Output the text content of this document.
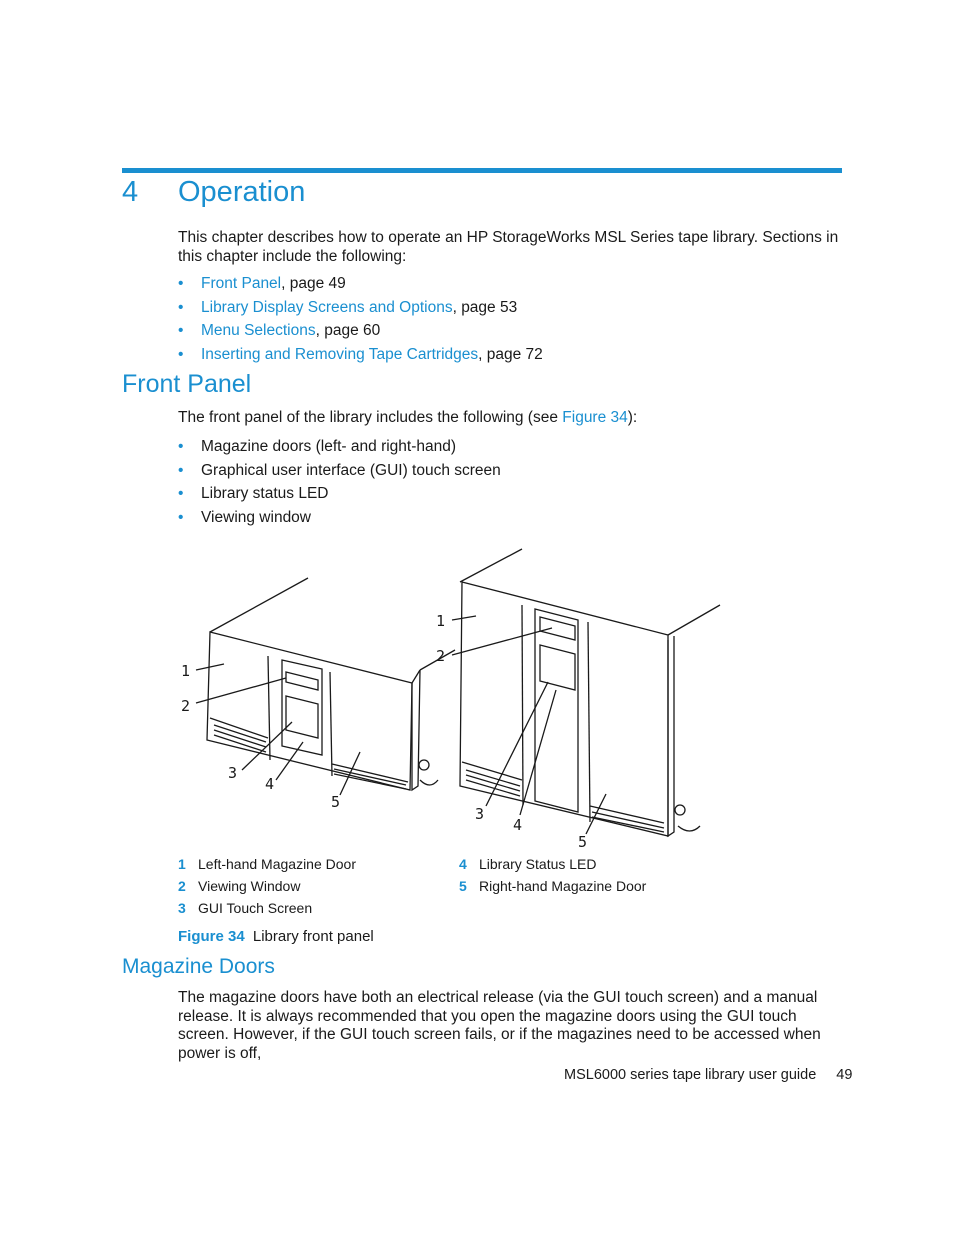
4 Operation

This chapter describes how to operate an HP StorageWorks MSL Series tape library. Sections in this chapter include the following:

• Front Panel, page 49
• Library Display Screens and Options, page 53
• Menu Selections, page 60
• Inserting and Removing Tape Cartridges, page 72
Front Panel

The front panel of the library includes the following (see Figure 34):

• Magazine doors (left- and right-hand)
• Graphical user interface (GUI) touch screen
• Library status LED
• Viewing window
1
2
3
4
5
1
2
3
4
5
1 Left-hand Magazine Door
2 Viewing Window
3 GUI Touch Screen
4 Library Status LED
5 Right-hand Magazine Door
Figure 34 Library front panel
Magazine Doors

The magazine doors have both an electrical release (via the GUI touch screen) and a manual release. It is always recommended that you open the magazine doors using the GUI touch screen. However, if the GUI touch screen fails, or if the magazines need to be accessed when power is off,

MSL6000 series tape library user guide 49
